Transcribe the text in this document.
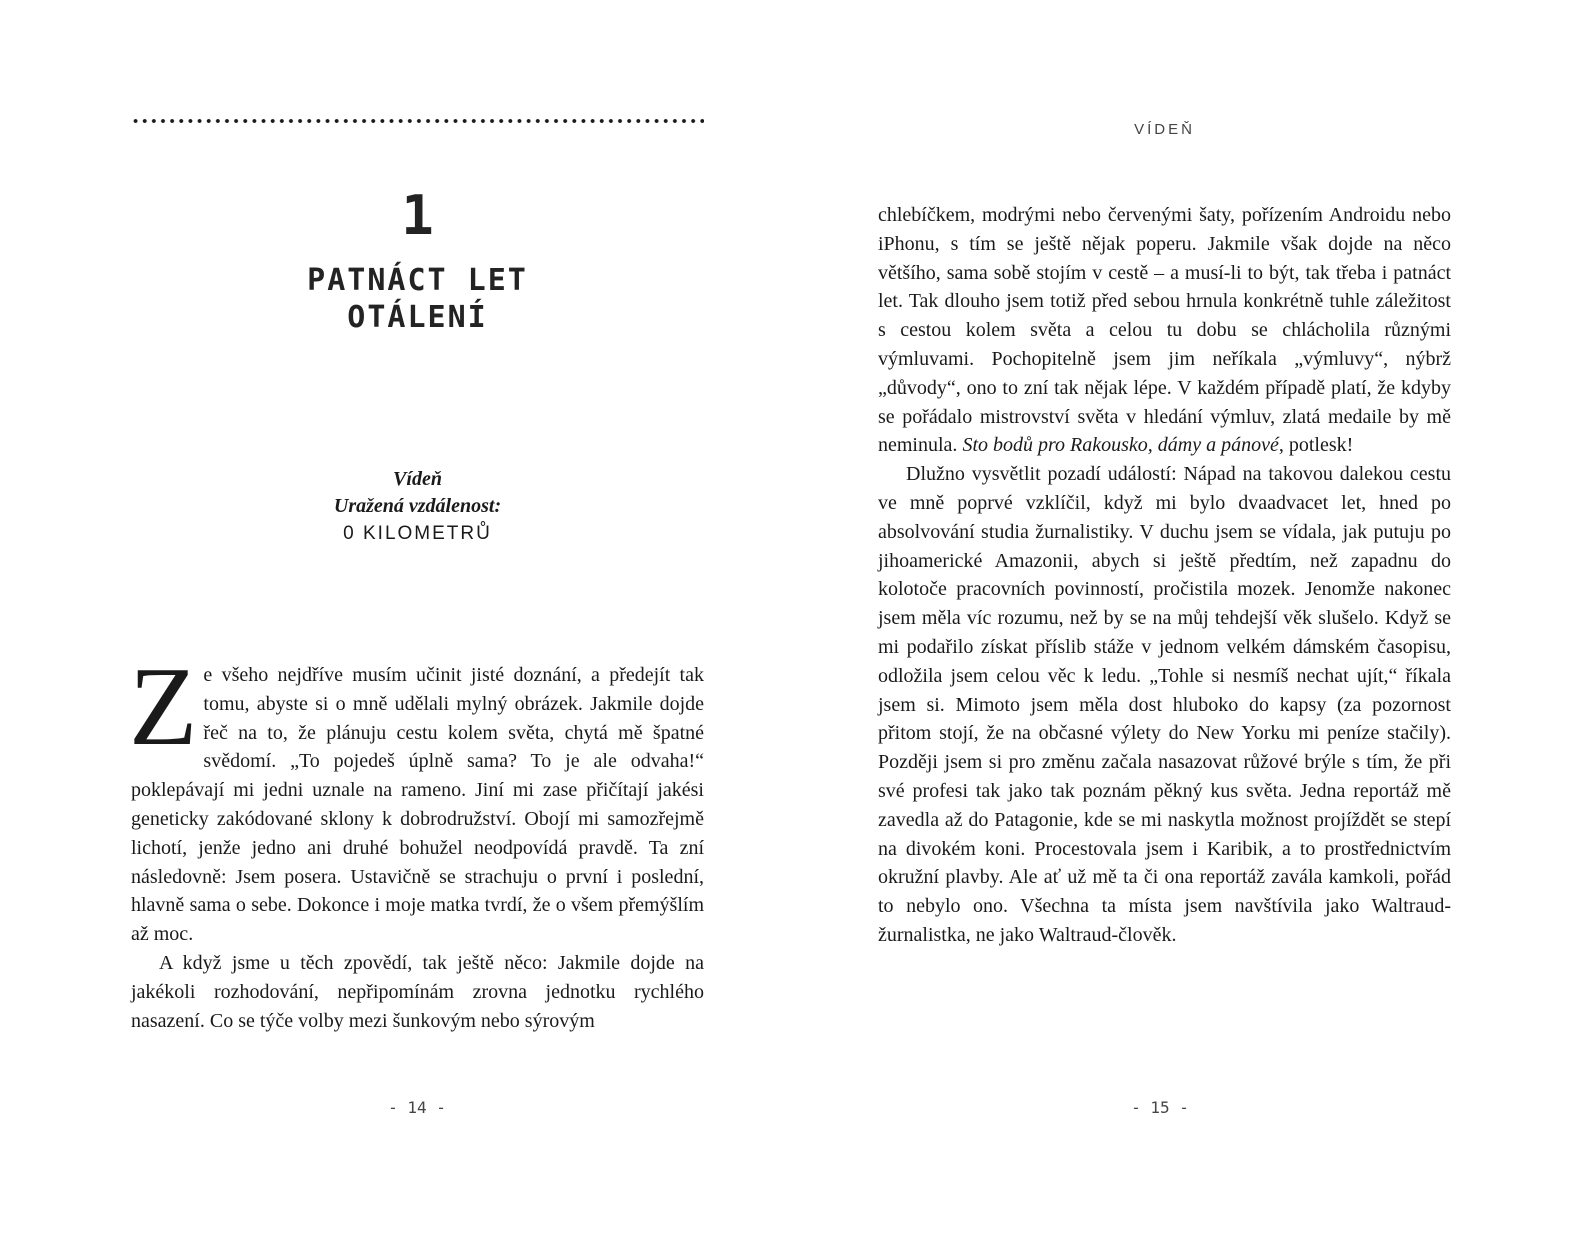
1
PATNÁCT LET
OTÁLENÍ
Vídeň
Uražená vzdálenost:
0 KILOMETRŮ

Ze všeho nejdříve musím učinit jisté doznání, a předejít tak tomu, abyste si o mně udělali mylný obrázek. Jakmile dojde řeč na to, že plánuju cestu kolem světa, chytá mě špatné svědomí. „To pojedeš úplně sama? To je ale odvaha!“ poklepávají mi jedni uznale na rameno. Jiní mi zase přičítají jakési geneticky zakódované sklony k dobrodružství. Obojí mi samozřejmě lichotí, jenže jedno ani druhé bohužel neodpovídá pravdě. Ta zní následovně: Jsem posera. Ustavičně se strachuju o první i poslední, hlavně sama o sebe. Dokonce i moje matka tvrdí, že o všem přemýšlím až moc.

A když jsme u těch zpovědí, tak ještě něco: Jakmile dojde na jakékoli rozhodování, nepřipomínám zrovna jednotku rychlého nasazení. Co se týče volby mezi šunkovým nebo sýrovým

- 14 -
VÍDEŇ

chlebíčkem, modrými nebo červenými šaty, pořízením Androidu nebo iPhonu, s tím se ještě nějak poperu. Jakmile však dojde na něco většího, sama sobě stojím v cestě – a musí-li to být, tak třeba i patnáct let. Tak dlouho jsem totiž před sebou hrnula konkrétně tuhle záležitost s cestou kolem světa a celou tu dobu se chlácholila různými výmluvami. Pochopitelně jsem jim neříkala „výmluvy“, nýbrž „důvody“, ono to zní tak nějak lépe. V každém případě platí, že kdyby se pořádalo mistrovství světa v hledání výmluv, zlatá medaile by mě neminula. Sto bodů pro Rakousko, dámy a pánové, potlesk!

Dlužno vysvětlit pozadí událostí: Nápad na takovou dalekou cestu ve mně poprvé vzklíčil, když mi bylo dvaadvacet let, hned po absolvování studia žurnalistiky. V duchu jsem se vídala, jak putuju po jihoamerické Amazonii, abych si ještě předtím, než zapadnu do kolotoče pracovních povinností, pročistila mozek. Jenomže nakonec jsem měla víc rozumu, než by se na můj tehdejší věk slušelo. Když se mi podařilo získat příslib stáže v jednom velkém dámském časopisu, odložila jsem celou věc k ledu. „Tohle si nesmíš nechat ujít,“ říkala jsem si. Mimoto jsem měla dost hluboko do kapsy (za pozornost přitom stojí, že na občasné výlety do New Yorku mi peníze stačily). Později jsem si pro změnu začala nasazovat růžové brýle s tím, že při své profesi tak jako tak poznám pěkný kus světa. Jedna reportáž mě zavedla až do Patagonie, kde se mi naskytla možnost projíždět se stepí na divokém koni. Procestovala jsem i Karibik, a to prostřednictvím okružní plavby. Ale ať už mě ta či ona reportáž zavála kamkoli, pořád to nebylo ono. Všechna ta místa jsem navštívila jako Waltraud-žurnalistka, ne jako Waltraud-člověk.

- 15 -
